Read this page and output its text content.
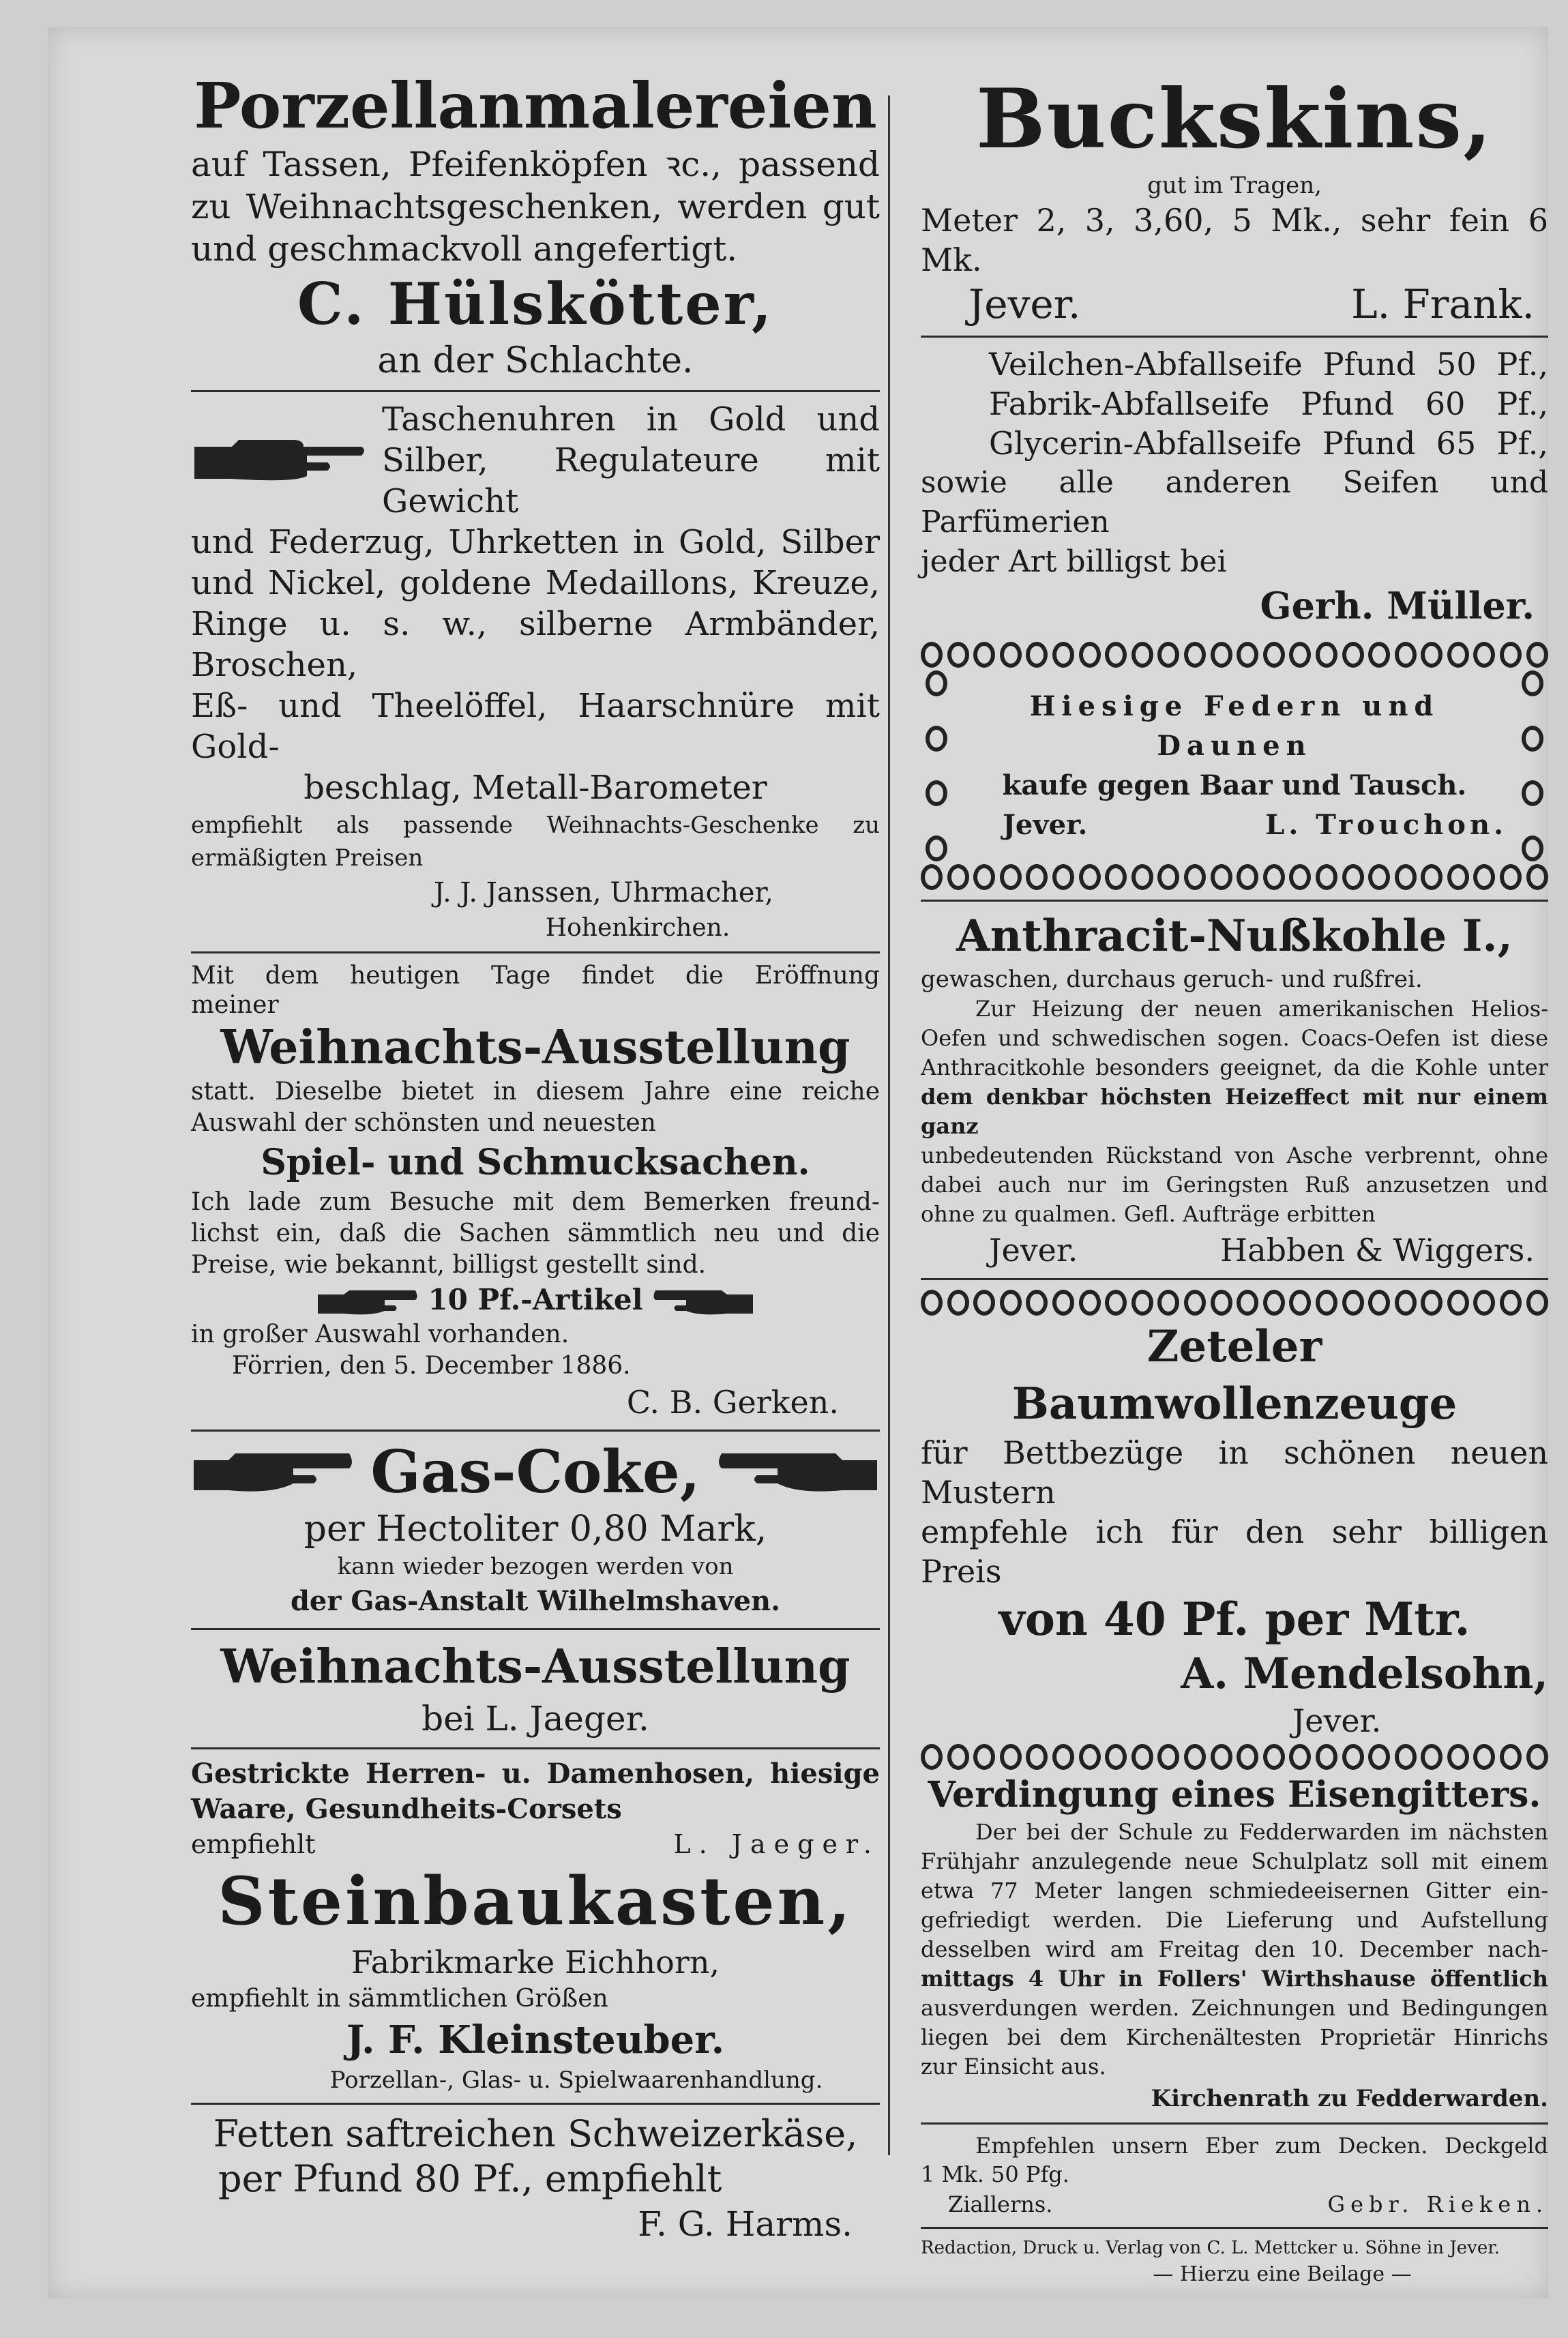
Porzellanmalereien
auf Tassen, Pfeifenköpfen ꝛc., passend
zu Weihnachtsgeschenken, werden gut
und geschmackvoll angefertigt.
C. Hülskötter,
an der Schlachte.
Taschenuhren in Gold und
Silber, Regulateure mit Gewicht
und Federzug, Uhrketten in Gold, Silber
und Nickel, goldene Medaillons, Kreuze,
Ringe u. s. w., silberne Armbänder, Broschen,
Eß- und Theelöffel, Haarschnüre mit Gold-
beschlag, Metall-Barometer
empfiehlt als passende Weihnachts-Geschenke zu
ermäßigten Preisen
J. J. Janssen, Uhrmacher,
Hohenkirchen.
Mit dem heutigen Tage findet die Eröffnung
meiner
Weihnachts-Ausstellung
statt. Dieselbe bietet in diesem Jahre eine reiche
Auswahl der schönsten und neuesten
Spiel- und Schmucksachen.
Ich lade zum Besuche mit dem Bemerken freund-
lichst ein, daß die Sachen sämmtlich neu und die
Preise, wie bekannt, billigst gestellt sind.
10 Pf.-Artikel
in großer Auswahl vorhanden.
Förrien, den 5. December 1886.
C. B. Gerken.
Gas-Coke,
per Hectoliter 0,80 Mark,
kann wieder bezogen werden von
der Gas-Anstalt Wilhelmshaven.
Weihnachts-Ausstellung
bei L. Jaeger.
Gestrickte Herren- u. Damenhosen, hiesige
Waare, Gesundheits-Corsets
empfiehlt	L. Jaeger.
Steinbaukasten,
Fabrikmarke Eichhorn,
empfiehlt in sämmtlichen Größen
J. F. Kleinsteuber.
Porzellan-, Glas- u. Spielwaarenhandlung.
Fetten saftreichen Schweizerkäse,
per Pfund 80 Pf., empfiehlt
F. G. Harms.
Buckskins,
gut im Tragen,
Meter 2, 3, 3,60, 5 Mk., sehr fein 6 Mk.
Jever.	L. Frank.
Veilchen-Abfallseife Pfund 50 Pf.,
Fabrik-Abfallseife Pfund 60 Pf.,
Glycerin-Abfallseife Pfund 65 Pf.,
sowie alle anderen Seifen und Parfümerien
jeder Art billigst bei
Gerh. Müller.
Hiesige Federn und Daunen
kaufe gegen Baar und Tausch.
Jever.	L. Trouchon.
Anthracit-Nußkohle I.,
gewaschen, durchaus geruch- und rußfrei.
Zur Heizung der neuen amerikanischen Helios-
Oefen und schwedischen sogen. Coacs-Oefen ist diese
Anthracitkohle besonders geeignet, da die Kohle unter
dem denkbar höchsten Heizeffect mit nur einem ganz
unbedeutenden Rückstand von Asche verbrennt, ohne
dabei auch nur im Geringsten Ruß anzusetzen und
ohne zu qualmen. Gefl. Aufträge erbitten
Jever.	Habben & Wiggers.
Zeteler Baumwollenzeuge
für Bettbezüge in schönen neuen Mustern
empfehle ich für den sehr billigen Preis
von 40 Pf. per Mtr.
A. Mendelsohn,
Jever.
Verdingung eines Eisengitters.
Der bei der Schule zu Fedderwarden im nächsten
Frühjahr anzulegende neue Schulplatz soll mit einem
etwa 77 Meter langen schmiedeeisernen Gitter ein-
gefriedigt werden. Die Lieferung und Aufstellung
desselben wird am Freitag den 10. December nach-
mittags 4 Uhr in Follers' Wirthshause öffentlich
ausverdungen werden. Zeichnungen und Bedingungen
liegen bei dem Kirchenältesten Proprietär Hinrichs
zur Einsicht aus.
Kirchenrath zu Fedderwarden.
Empfehlen unsern Eber zum Decken. Deckgeld
1 Mk. 50 Pfg.
Ziallerns.	Gebr. Rieken.
Redaction, Druck u. Verlag von C. L. Mettcker u. Söhne in Jever.
— Hierzu eine Beilage —
